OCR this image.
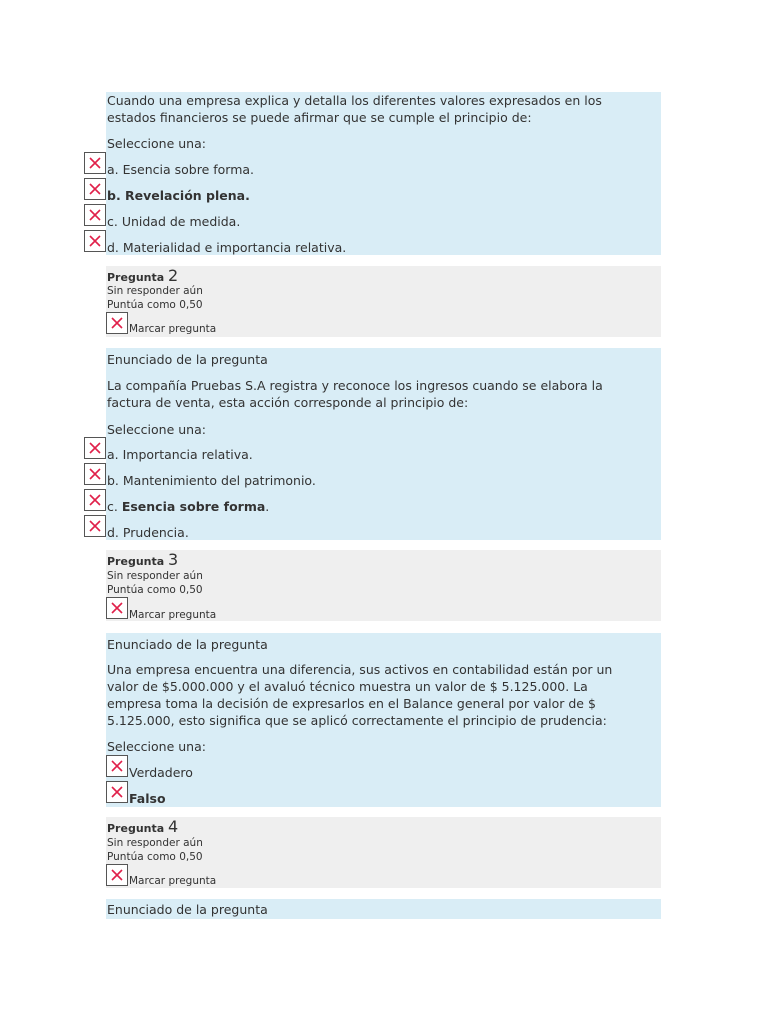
Cuando una empresa explica y detalla los diferentes valores expresados en los
estados financieros se puede afirmar que se cumple el principio de:
Seleccione una:
a. Esencia sobre forma.
b. Revelación plena.
c. Unidad de medida.
d. Materialidad e importancia relativa.
Pregunta 2
Sin responder aún
Puntúa como 0,50
Marcar pregunta
Enunciado de la pregunta
La compañía Pruebas S.A registra y reconoce los ingresos cuando se elabora la
factura de venta, esta acción corresponde al principio de:
Seleccione una:
a. Importancia relativa.
b. Mantenimiento del patrimonio.
c. Esencia sobre forma.
d. Prudencia.
Pregunta 3
Sin responder aún
Puntúa como 0,50
Marcar pregunta
Enunciado de la pregunta
Una empresa encuentra una diferencia, sus activos en contabilidad están por un
valor de $5.000.000 y el avaluó técnico muestra un valor de $ 5.125.000. La
empresa toma la decisión de expresarlos en el Balance general por valor de $
5.125.000, esto significa que se aplicó correctamente el principio de prudencia:
Seleccione una:
Verdadero
Falso
Pregunta 4
Sin responder aún
Puntúa como 0,50
Marcar pregunta
Enunciado de la pregunta
